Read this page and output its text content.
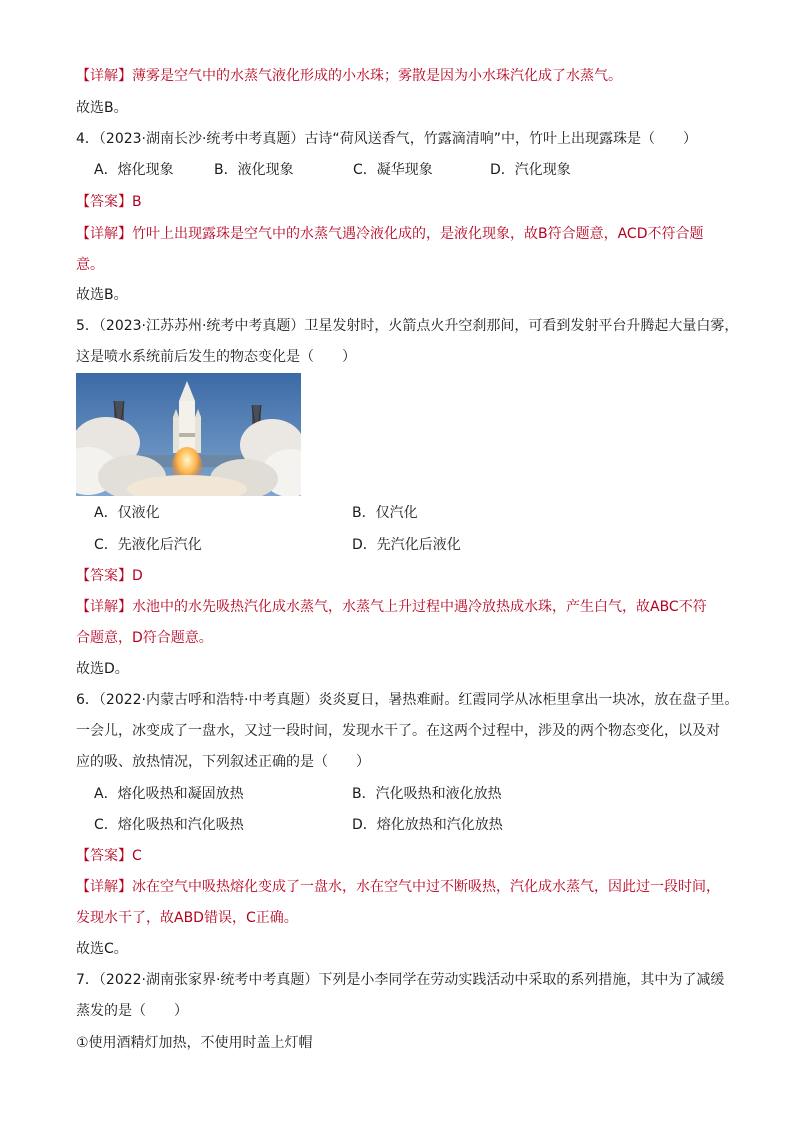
【详解】薄雾是空气中的水蒸气液化形成的小水珠；雾散是因为小水珠汽化成了水蒸气。
故选B。
4．（2023·湖南长沙·统考中考真题）古诗“荷风送香气，竹露滴清响”中，竹叶上出现露珠是（　　）
A．熔化现象	B．液化现象	C．凝华现象	D．汽化现象
【答案】B
【详解】竹叶上出现露珠是空气中的水蒸气遇冷液化成的，是液化现象，故B符合题意，ACD不符合题
意。
故选B。
5．（2023·江苏苏州·统考中考真题）卫星发射时，火箭点火升空刹那间，可看到发射平台升腾起大量白雾，
这是喷水系统前后发生的物态变化是（　　）
A．仅液化	B．仅汽化
C．先液化后汽化	D．先汽化后液化
【答案】D
【详解】水池中的水先吸热汽化成水蒸气，水蒸气上升过程中遇冷放热成水珠，产生白气，故ABC不符
合题意，D符合题意。
故选D。
6．（2022·内蒙古呼和浩特·中考真题）炎炎夏日，暑热难耐。红霞同学从冰柜里拿出一块冰，放在盘子里。
一会儿，冰变成了一盘水，又过一段时间，发现水干了。在这两个过程中，涉及的两个物态变化，以及对
应的吸、放热情况，下列叙述正确的是（　　）
A．熔化吸热和凝固放热	B．汽化吸热和液化放热
C．熔化吸热和汽化吸热	D．熔化放热和汽化放热
【答案】C
【详解】冰在空气中吸热熔化变成了一盘水，水在空气中过不断吸热，汽化成水蒸气，因此过一段时间，
发现水干了，故ABD错误，C正确。
故选C。
7．（2022·湖南张家界·统考中考真题）下列是小李同学在劳动实践活动中采取的系列措施，其中为了减缓
蒸发的是（　　）
①使用酒精灯加热，不使用时盖上灯帽
